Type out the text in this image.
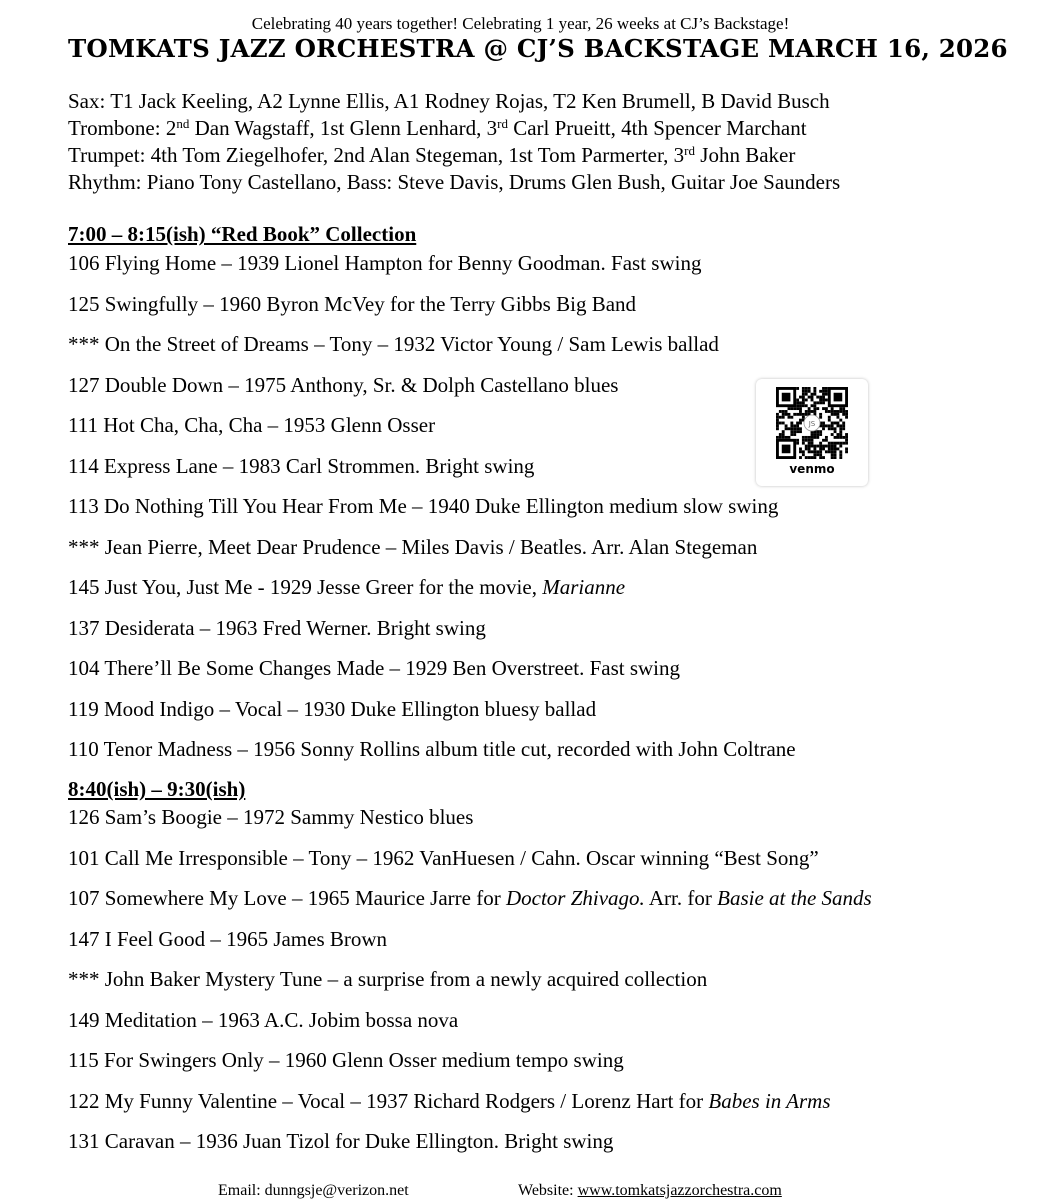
Celebrating 40 years together! Celebrating 1 year, 26 weeks at CJ’s Backstage!
TOMKATS JAZZ ORCHESTRA @ CJ’S BACKSTAGE MARCH 16, 2026
Sax: T1 Jack Keeling, A2 Lynne Ellis, A1 Rodney Rojas, T2 Ken Brumell, B David Busch
Trombone: 2nd Dan Wagstaff, 1st Glenn Lenhard, 3rd Carl Prueitt, 4th Spencer Marchant
Trumpet: 4th Tom Ziegelhofer, 2nd Alan Stegeman, 1st Tom Parmerter, 3rd John Baker
Rhythm: Piano Tony Castellano, Bass: Steve Davis, Drums Glen Bush, Guitar Joe Saunders
7:00 – 8:15(ish) “Red Book” Collection
106 Flying Home – 1939 Lionel Hampton for Benny Goodman. Fast swing
125 Swingfully – 1960 Byron McVey for the Terry Gibbs Big Band
*** On the Street of Dreams – Tony – 1932 Victor Young / Sam Lewis ballad
127 Double Down – 1975 Anthony, Sr. & Dolph Castellano blues
111 Hot Cha, Cha, Cha – 1953 Glenn Osser
114 Express Lane – 1983 Carl Strommen. Bright swing
113 Do Nothing Till You Hear From Me – 1940 Duke Ellington medium slow swing
*** Jean Pierre, Meet Dear Prudence – Miles Davis / Beatles. Arr. Alan Stegeman
145 Just You, Just Me - 1929 Jesse Greer for the movie, Marianne
137 Desiderata – 1963 Fred Werner. Bright swing
104 There’ll Be Some Changes Made – 1929 Ben Overstreet. Fast swing
119 Mood Indigo – Vocal – 1930 Duke Ellington bluesy ballad
110 Tenor Madness – 1956 Sonny Rollins album title cut, recorded with John Coltrane
8:40(ish) – 9:30(ish)
126 Sam’s Boogie – 1972 Sammy Nestico blues
101 Call Me Irresponsible – Tony – 1962 VanHuesen / Cahn. Oscar winning “Best Song”
107 Somewhere My Love – 1965 Maurice Jarre for Doctor Zhivago. Arr. for Basie at the Sands
147 I Feel Good – 1965 James Brown
*** John Baker Mystery Tune – a surprise from a newly acquired collection
149 Meditation – 1963 A.C. Jobim bossa nova
115 For Swingers Only – 1960 Glenn Osser medium tempo swing
122 My Funny Valentine – Vocal – 1937 Richard Rodgers / Lorenz Hart for Babes in Arms
131 Caravan – 1936 Juan Tizol for Duke Ellington. Bright swing
JS
venmo
Email: dunngsje@verizon.net	Website: www.tomkatsjazzorchestra.com
